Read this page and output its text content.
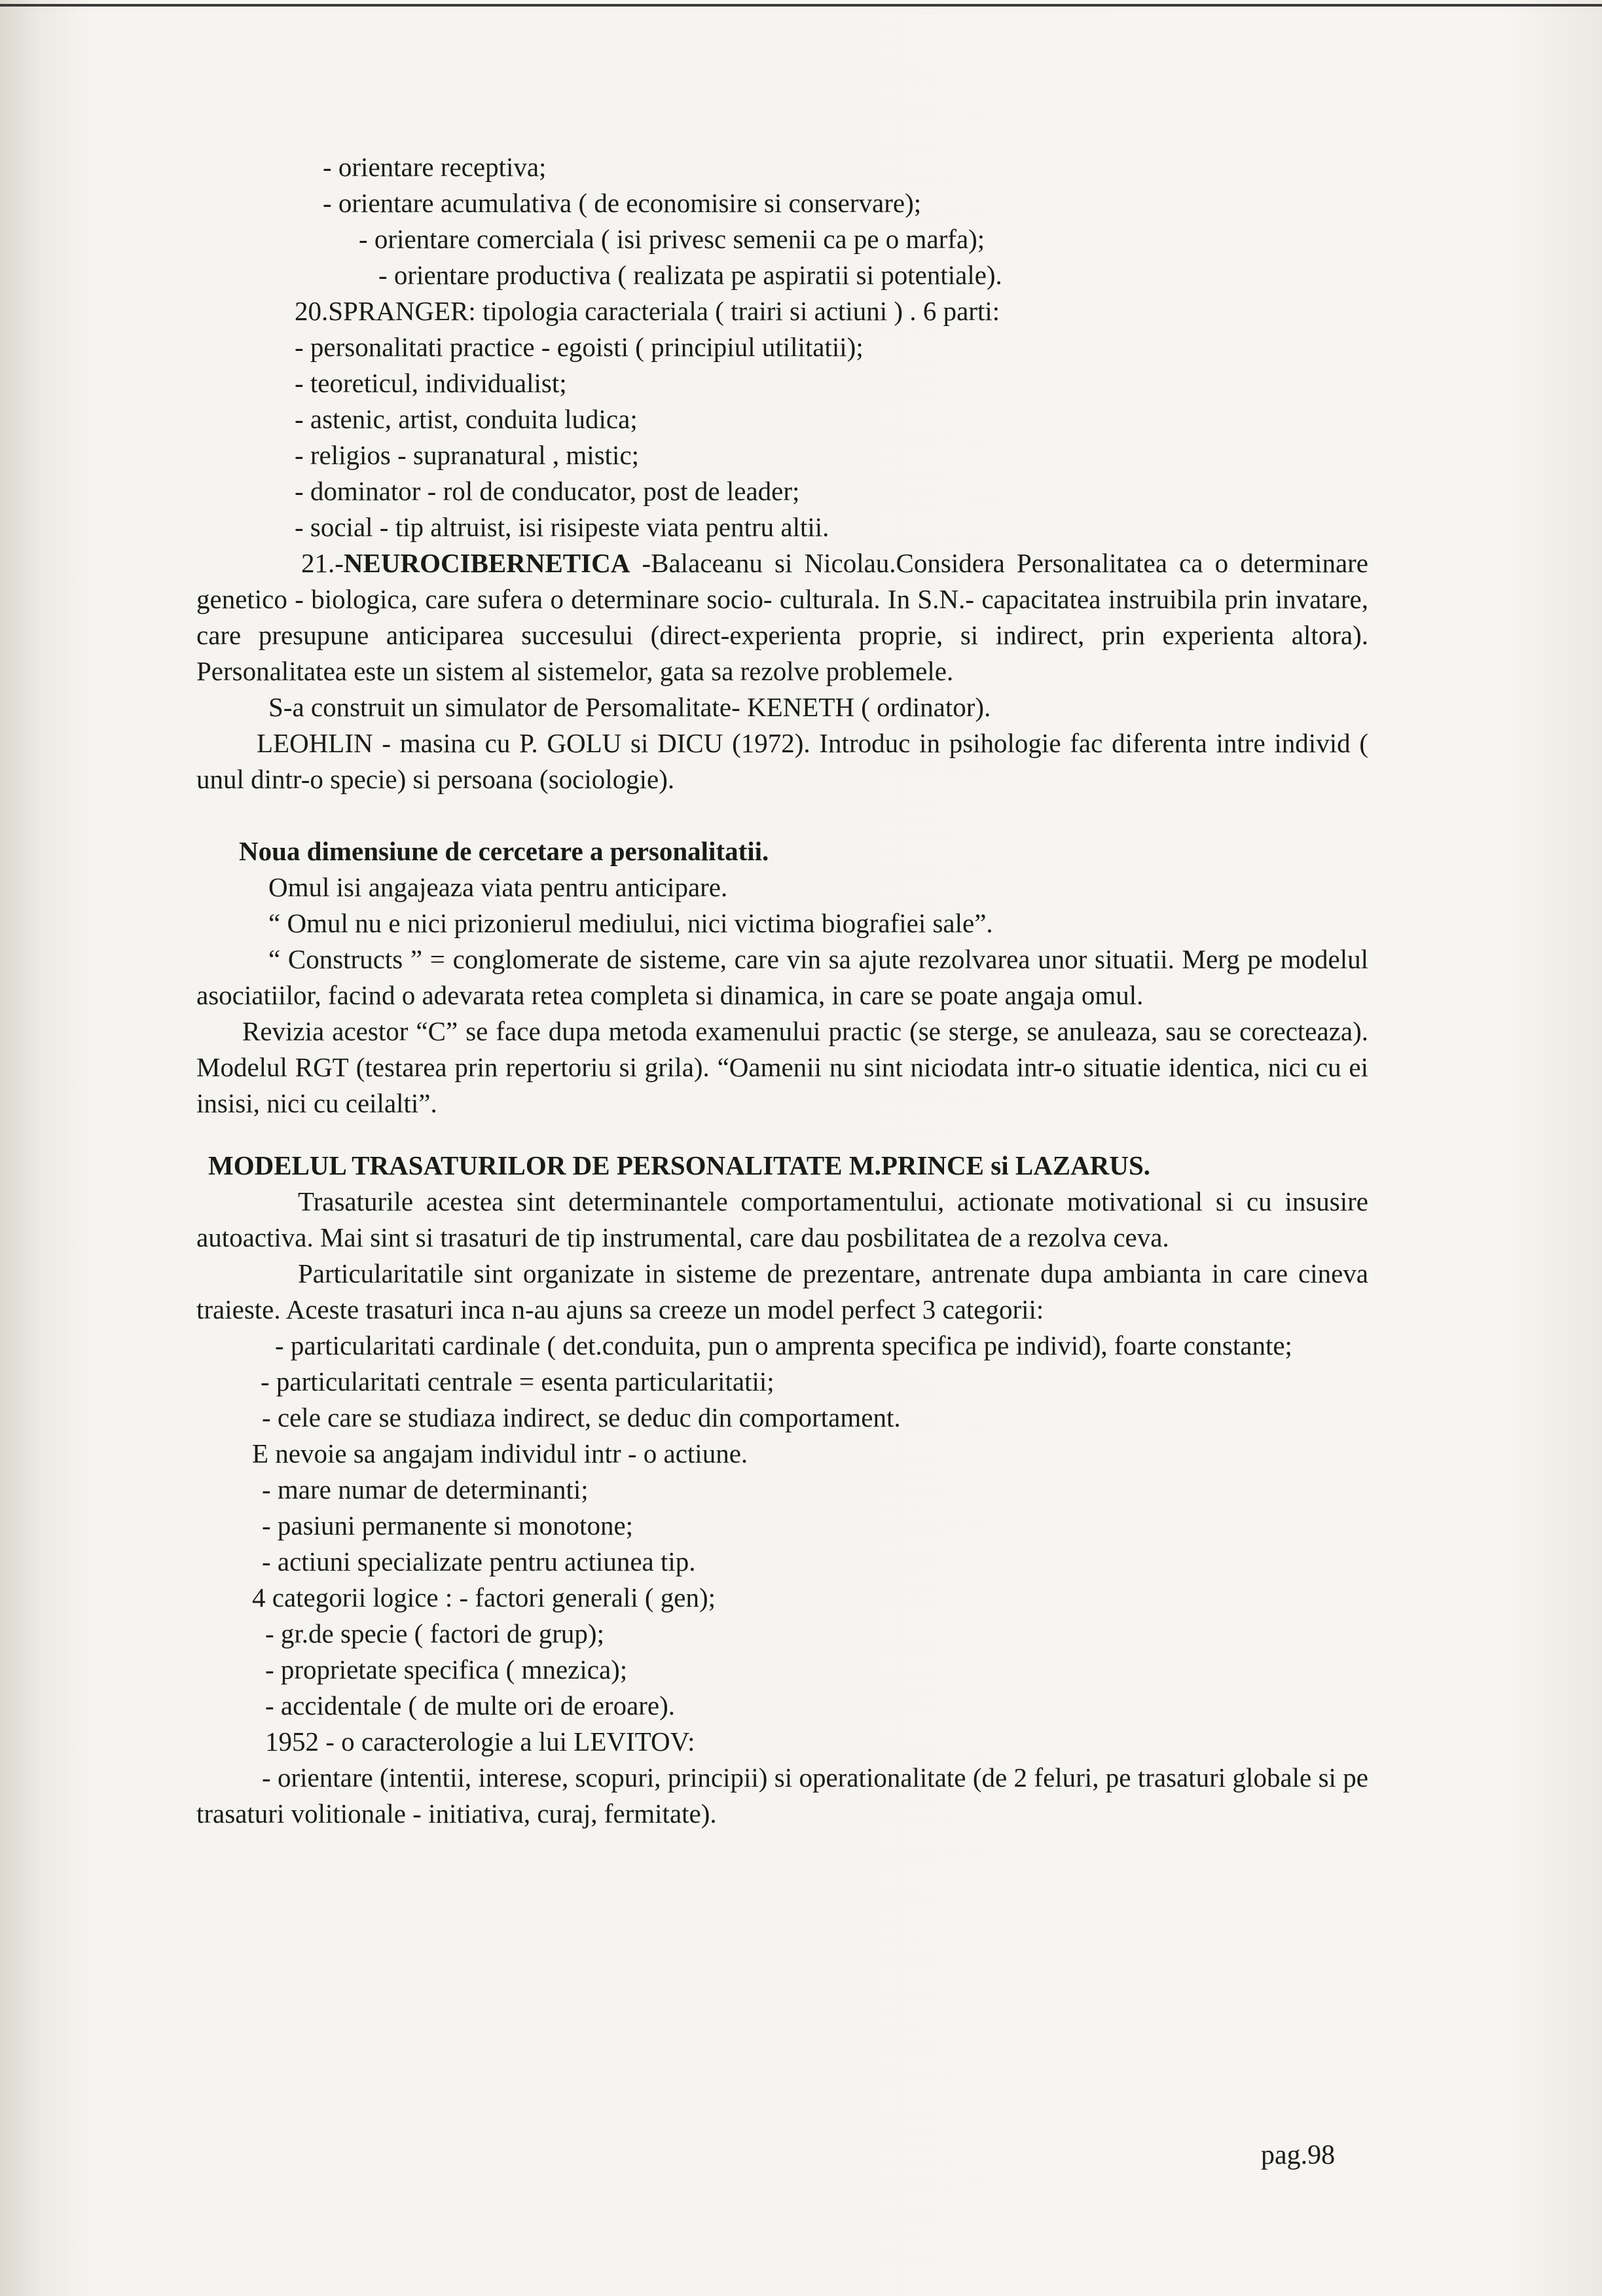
- orientare receptiva;

- orientare acumulativa ( de economisire si conservare);

- orientare comerciala ( isi privesc semenii ca pe o marfa);

- orientare productiva ( realizata pe aspiratii si potentiale).

20.SPRANGER: tipologia caracteriala ( trairi si actiuni ) . 6 parti:

- personalitati practice - egoisti ( principiul utilitatii);

- teoreticul, individualist;

- astenic, artist, conduita ludica;

- religios - supranatural , mistic;

- dominator - rol de conducator, post de leader;

- social - tip altruist, isi risipeste viata pentru altii.

21.-NEUROCIBERNETICA -Balaceanu si Nicolau.Considera Personalitatea ca o determinare genetico - biologica, care sufera o determinare socio- culturala. In S.N.- capacitatea instruibila prin invatare, care presupune anticiparea succesului (direct-experienta proprie, si indirect, prin experienta altora). Personalitatea este un sistem al sistemelor, gata sa rezolve problemele.

S-a construit un simulator de Persomalitate- KENETH ( ordinator).

LEOHLIN - masina cu P. GOLU si DICU (1972). Introduc in psihologie fac diferenta intre individ ( unul dintr-o specie) si persoana (sociologie).

Noua dimensiune de cercetare a personalitatii.

Omul isi angajeaza viata pentru anticipare.

“ Omul nu e nici prizonierul mediului, nici victima biografiei sale”.

“ Constructs ” = conglomerate de sisteme, care vin sa ajute rezolvarea unor situatii. Merg pe modelul asociatiilor, facind o adevarata retea completa si dinamica, in care se poate angaja omul.

Revizia acestor “C” se face dupa metoda examenului practic (se sterge, se anuleaza, sau se corecteaza). Modelul RGT (testarea prin repertoriu si grila). “Oamenii nu sint niciodata intr-o situatie identica, nici cu ei insisi, nici cu ceilalti”.

MODELUL TRASATURILOR DE PERSONALITATE M.PRINCE si LAZARUS.

Trasaturile acestea sint determinantele comportamentului, actionate motivational si cu insusire autoactiva. Mai sint si trasaturi de tip instrumental, care dau posbilitatea de a rezolva ceva.

Particularitatile sint organizate in sisteme de prezentare, antrenate dupa ambianta in care cineva traieste. Aceste trasaturi inca n-au ajuns sa creeze un model perfect 3 categorii:

- particularitati cardinale ( det.conduita, pun o amprenta specifica pe individ), foarte constante;

- particularitati centrale = esenta particularitatii;

- cele care se studiaza indirect, se deduc din comportament.

E nevoie sa angajam individul intr - o actiune.

- mare numar de determinanti;

- pasiuni permanente si monotone;

- actiuni specializate pentru actiunea tip.

4 categorii logice : - factori generali ( gen);

- gr.de specie ( factori de grup);

- proprietate specifica ( mnezica);

- accidentale ( de multe ori de eroare).

1952 - o caracterologie a lui LEVITOV:

- orientare (intentii, interese, scopuri, principii) si operationalitate (de 2 feluri, pe trasaturi globale si pe trasaturi volitionale - initiativa, curaj, fermitate).

pag.98
